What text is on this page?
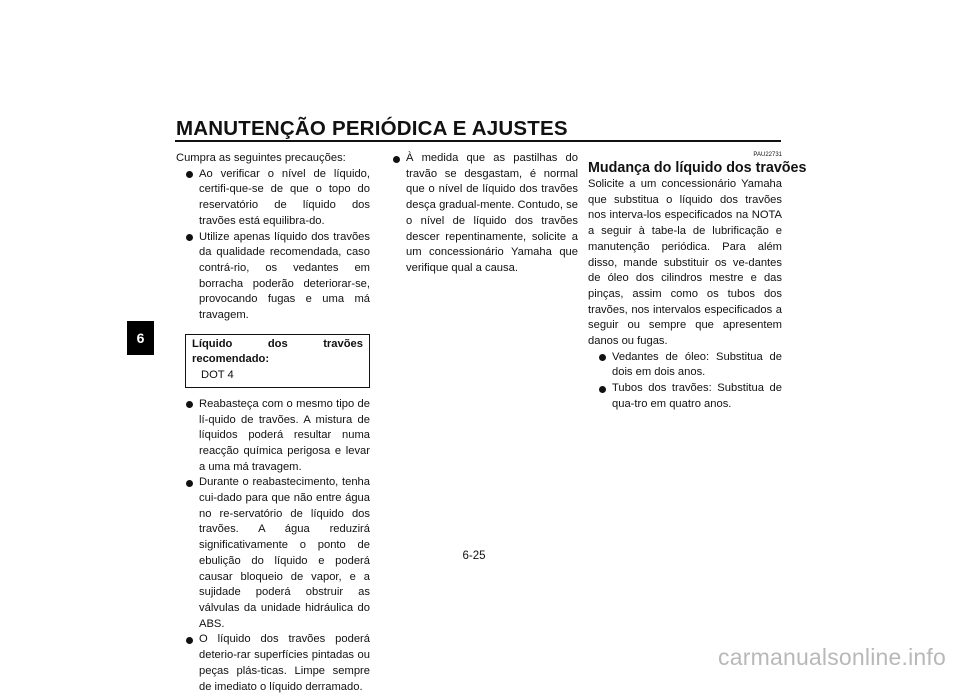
MANUTENÇÃO PERIÓDICA E AJUSTES
6

Cumpra as seguintes precauções:

Ao verificar o nível de líquido, certifi-que-se de que o topo do reservatório de líquido dos travões está equilibra-do.
Utilize apenas líquido dos travões da qualidade recomendada, caso contrá-rio, os vedantes em borracha poderão deteriorar-se, provocando fugas e uma má travagem.
Líquido dos travões recomendado:
DOT 4
Reabasteça com o mesmo tipo de lí-quido de travões. A mistura de líquidos poderá resultar numa reacção química perigosa e levar a uma má travagem.
Durante o reabastecimento, tenha cui-dado para que não entre água no re-servatório de líquido dos travões. A água reduzirá significativamente o ponto de ebulição do líquido e poderá causar bloqueio de vapor, e a sujidade poderá obstruir as válvulas da unidade hidráulica do ABS.
O líquido dos travões poderá deterio-rar superfícies pintadas ou peças plás-ticas. Limpe sempre de imediato o líquido derramado.
À medida que as pastilhas do travão se desgastam, é normal que o nível de líquido dos travões desça gradual-mente. Contudo, se o nível de líquido dos travões descer repentinamente, solicite a um concessionário Yamaha que verifique qual a causa.
PAU22731
Mudança do líquido dos travões

Solicite a um concessionário Yamaha que substitua o líquido dos travões nos interva-los especificados na NOTA a seguir à tabe-la de lubrificação e manutenção periódica. Para além disso, mande substituir os ve-dantes de óleo dos cilindros mestre e das pinças, assim como os tubos dos travões, nos intervalos especificados a seguir ou sempre que apresentem danos ou fugas.

Vedantes de óleo: Substitua de dois em dois anos.
Tubos dos travões: Substitua de qua-tro em quatro anos.
6-25
carmanualsonline.info
